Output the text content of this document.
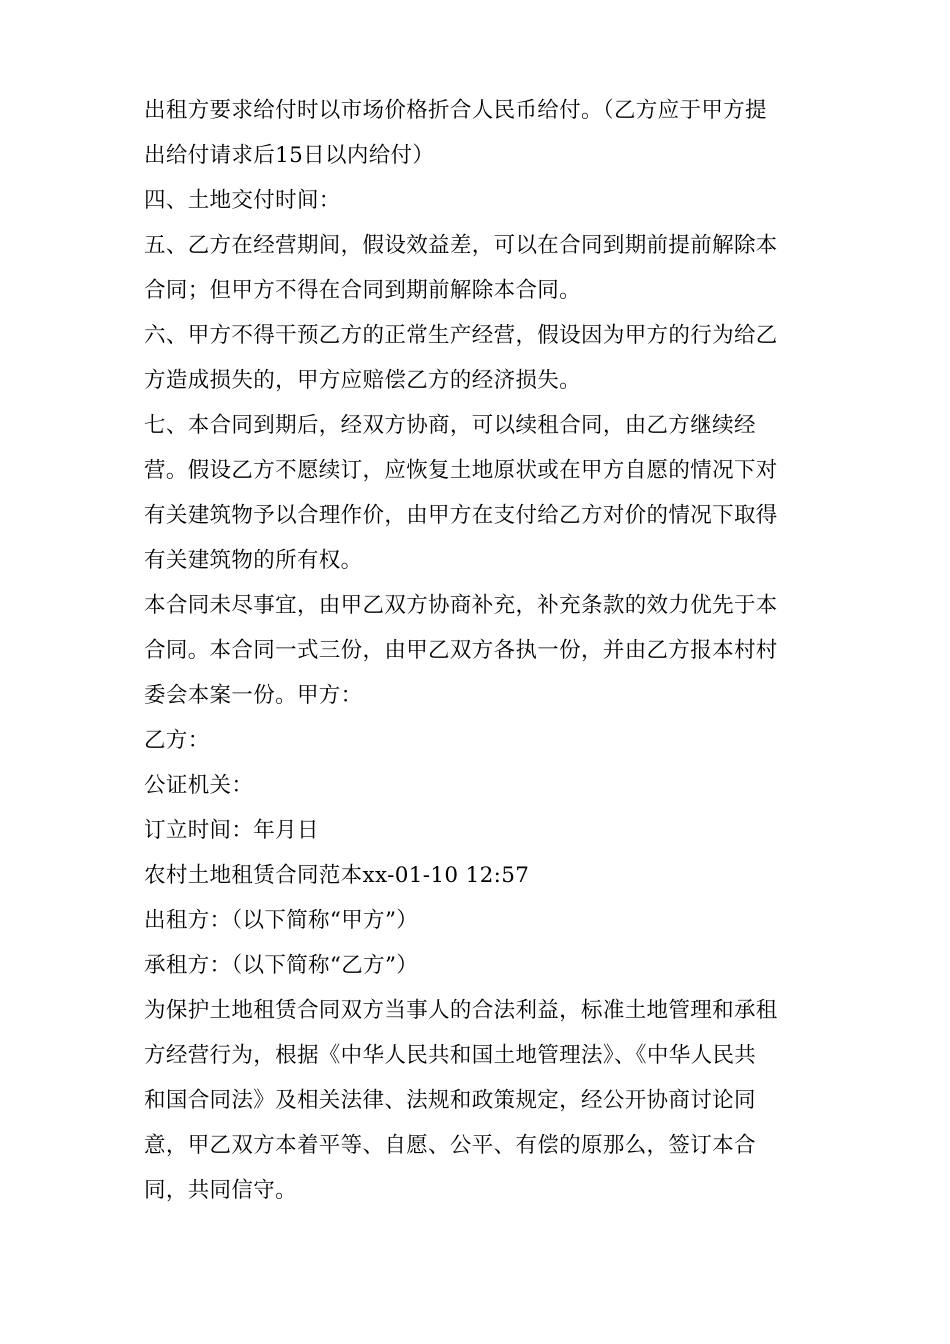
出租方要求给付时以市场价格折合人民币给付。（乙方应于甲方提
出给付请求后15日以内给付）
四、土地交付时间：
五、乙方在经营期间，假设效益差，可以在合同到期前提前解除本
合同；但甲方不得在合同到期前解除本合同。
六、甲方不得干预乙方的正常生产经营，假设因为甲方的行为给乙
方造成损失的，甲方应赔偿乙方的经济损失。
七、本合同到期后，经双方协商，可以续租合同，由乙方继续经
营。假设乙方不愿续订，应恢复土地原状或在甲方自愿的情况下对
有关建筑物予以合理作价，由甲方在支付给乙方对价的情况下取得
有关建筑物的所有权。
本合同未尽事宜，由甲乙双方协商补充，补充条款的效力优先于本
合同。本合同一式三份，由甲乙双方各执一份，并由乙方报本村村
委会本案一份。甲方：
乙方：
公证机关：
订立时间：年月日
农村土地租赁合同范本xx-01-10 12:57
出租方：（以下简称“甲方”）
承租方：（以下简称“乙方”）
为保护土地租赁合同双方当事人的合法利益，标准土地管理和承租
方经营行为，根据《中华人民共和国土地管理法》、《中华人民共
和国合同法》及相关法律、法规和政策规定，经公开协商讨论同
意，甲乙双方本着平等、自愿、公平、有偿的原那么，签订本合
同，共同信守。
